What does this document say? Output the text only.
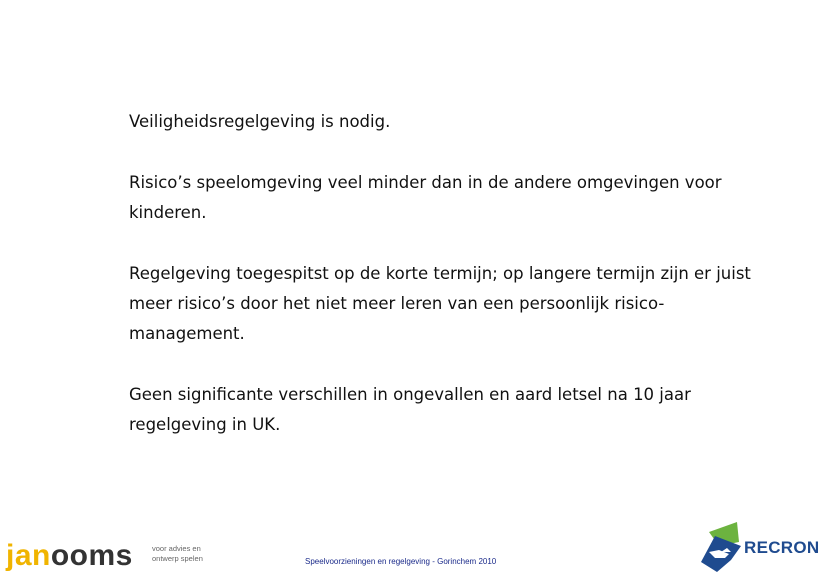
Veiligheidsregelgeving is nodig.

Risico’s speelomgeving veel minder dan in de andere omgevingen voor kinderen.

Regelgeving toegespitst op de korte termijn; op langere termijn zijn er juist meer risico’s door het niet meer leren van een persoonlijk risico-management.

Geen significante verschillen in ongevallen en aard letsel na 10 jaar regelgeving in UK.

janooms	voor advies en
ontwerp spelen	Speelvoorzieningen en regelgeving - Gorinchem 2010
RECRON
